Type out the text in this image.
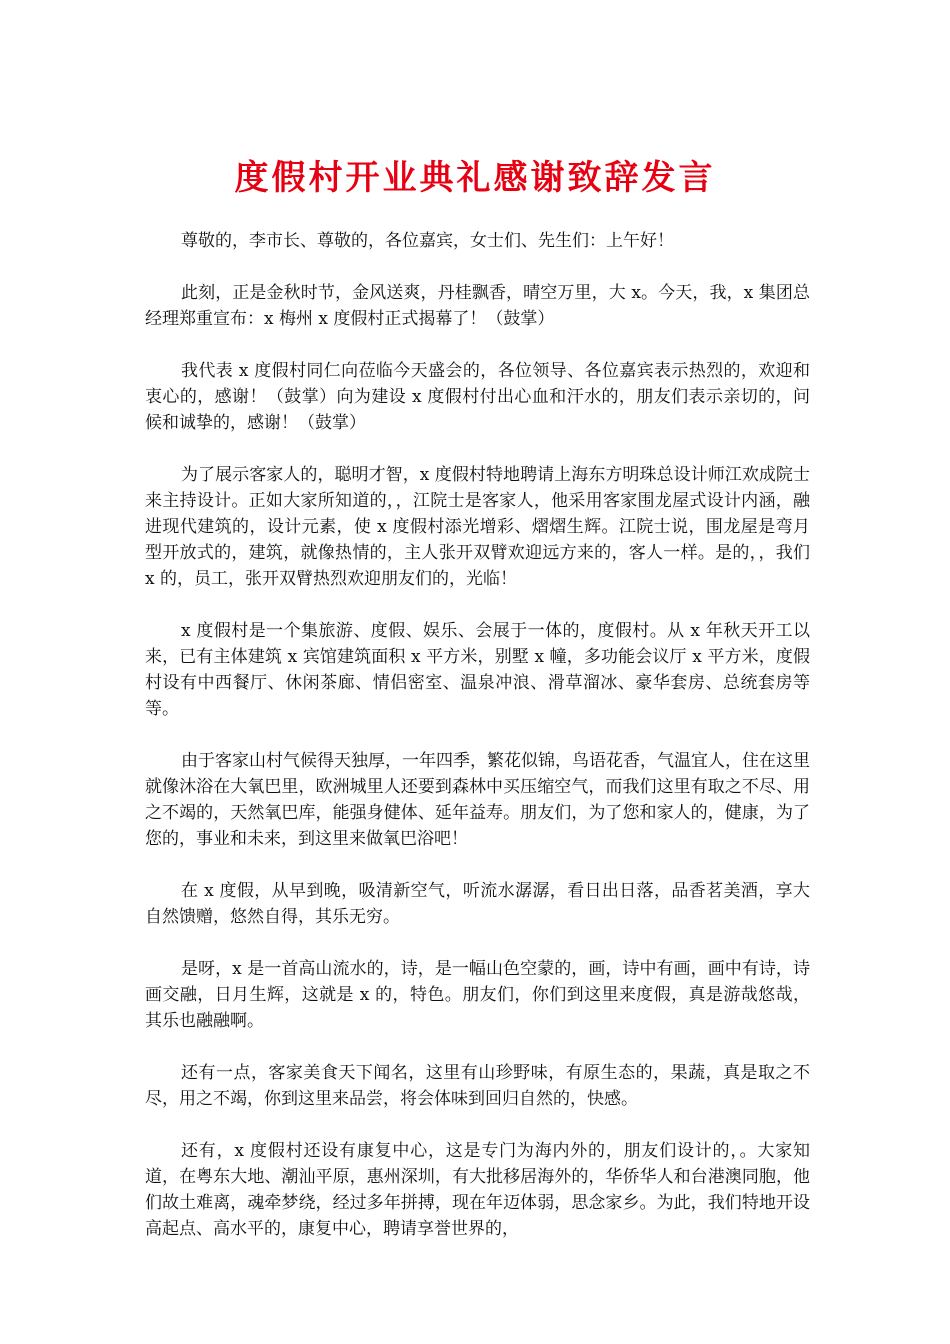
度假村开业典礼感谢致辞发言

尊敬的，李市长、尊敬的，各位嘉宾，女士们、先生们：上午好！

此刻，正是金秋时节，金风送爽，丹桂飘香，晴空万里，大 x。今天，我，x 集团总经理郑重宣布：x 梅州 x 度假村正式揭幕了！（鼓掌）

我代表 x 度假村同仁向莅临今天盛会的，各位领导、各位嘉宾表示热烈的，欢迎和衷心的，感谢！（鼓掌）向为建设 x 度假村付出心血和汗水的，朋友们表示亲切的，问候和诚挚的，感谢！（鼓掌）

为了展示客家人的，聪明才智，x 度假村特地聘请上海东方明珠总设计师江欢成院士来主持设计。正如大家所知道的，，江院士是客家人，他采用客家围龙屋式设计内涵，融进现代建筑的，设计元素，使 x 度假村添光增彩、熠熠生辉。江院士说，围龙屋是弯月型开放式的，建筑，就像热情的，主人张开双臂欢迎远方来的，客人一样。是的，，我们 x 的，员工，张开双臂热烈欢迎朋友们的，光临！

x 度假村是一个集旅游、度假、娱乐、会展于一体的，度假村。从 x 年秋天开工以来，已有主体建筑 x 宾馆建筑面积 x 平方米，别墅 x 幢，多功能会议厅 x 平方米，度假村设有中西餐厅、休闲茶廊、情侣密室、温泉冲浪、滑草溜冰、豪华套房、总统套房等等。

由于客家山村气候得天独厚，一年四季，繁花似锦，鸟语花香，气温宜人，住在这里就像沐浴在大氧巴里，欧洲城里人还要到森林中买压缩空气，而我们这里有取之不尽、用之不竭的，天然氧巴库，能强身健体、延年益寿。朋友们，为了您和家人的，健康，为了您的，事业和未来，到这里来做氧巴浴吧！

在 x 度假，从早到晚，吸清新空气，听流水潺潺，看日出日落，品香茗美酒，享大自然馈赠，悠然自得，其乐无穷。

是呀，x 是一首高山流水的，诗，是一幅山色空蒙的，画，诗中有画，画中有诗，诗画交融，日月生辉，这就是 x 的，特色。朋友们，你们到这里来度假，真是游哉悠哉，其乐也融融啊。

还有一点，客家美食天下闻名，这里有山珍野味，有原生态的，果蔬，真是取之不尽，用之不竭，你到这里来品尝，将会体味到回归自然的，快感。

还有，x 度假村还设有康复中心，这是专门为海内外的，朋友们设计的，。大家知道，在粤东大地、潮汕平原，惠州深圳，有大批移居海外的，华侨华人和台港澳同胞，他们故土难离，魂牵梦绕，经过多年拼搏，现在年迈体弱，思念家乡。为此，我们特地开设高起点、高水平的，康复中心，聘请享誉世界的，
